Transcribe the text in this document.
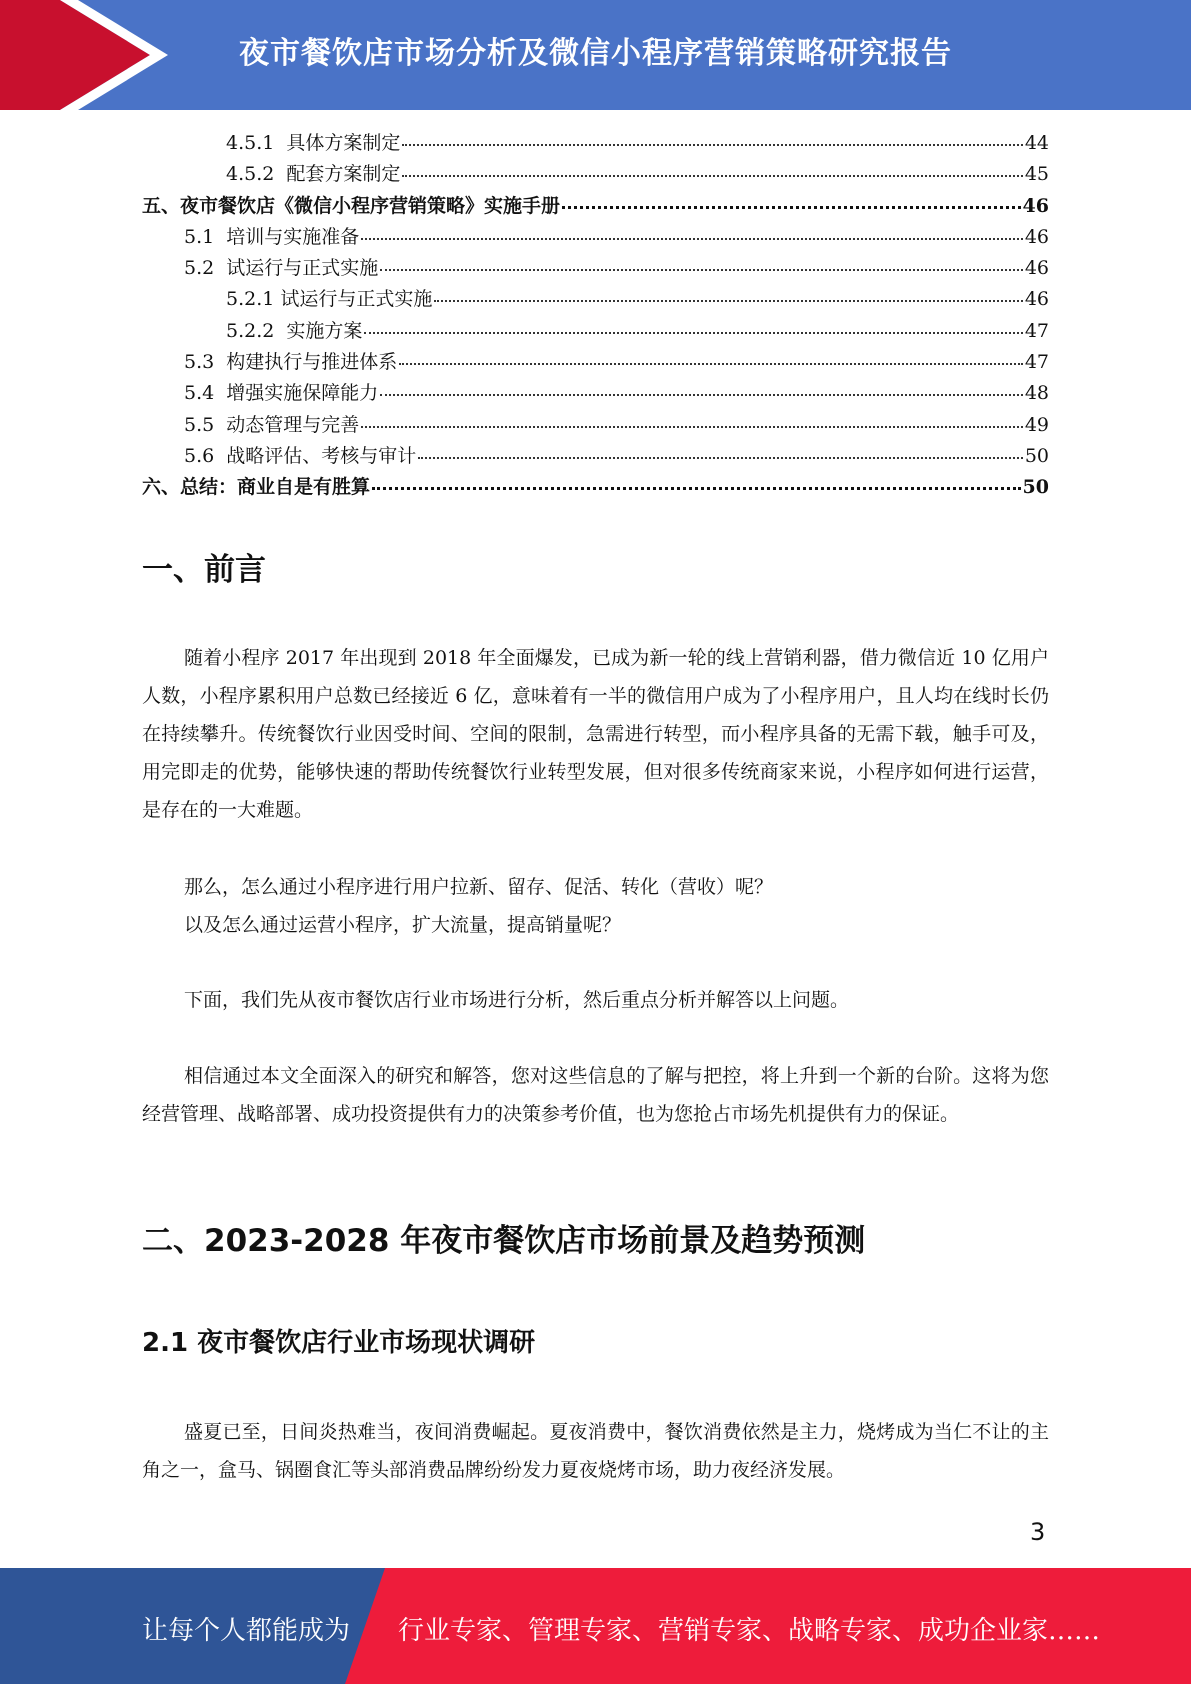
夜市餐饮店市场分析及微信小程序营销策略研究报告
4.5.1  具体方案制定	44
4.5.2  配套方案制定	45
五、夜市餐饮店《微信小程序营销策略》实施手册	46
5.1  培训与实施准备	46
5.2  试运行与正式实施	46
5.2.1 试运行与正式实施	46
5.2.2  实施方案	47
5.3  构建执行与推进体系	47
5.4  增强实施保障能力	48
5.5  动态管理与完善	49
5.6  战略评估、考核与审计	50
六、总结：商业自是有胜算	50
一、前言
随着小程序 2017 年出现到 2018 年全面爆发，已成为新一轮的线上营销利器，借力微信近 10 亿用户人数，小程序累积用户总数已经接近 6 亿，意味着有一半的微信用户成为了小程序用户，且人均在线时长仍在持续攀升。传统餐饮行业因受时间、空间的限制，急需进行转型，而小程序具备的无需下载，触手可及，用完即走的优势，能够快速的帮助传统餐饮行业转型发展，但对很多传统商家来说，小程序如何进行运营，是存在的一大难题。
那么，怎么通过小程序进行用户拉新、留存、促活、转化（营收）呢？
以及怎么通过运营小程序，扩大流量，提高销量呢？
下面，我们先从夜市餐饮店行业市场进行分析，然后重点分析并解答以上问题。
相信通过本文全面深入的研究和解答，您对这些信息的了解与把控，将上升到一个新的台阶。这将为您经营管理、战略部署、成功投资提供有力的决策参考价值，也为您抢占市场先机提供有力的保证。
二、2023-2028 年夜市餐饮店市场前景及趋势预测
2.1 夜市餐饮店行业市场现状调研
盛夏已至，日间炎热难当，夜间消费崛起。夏夜消费中，餐饮消费依然是主力，烧烤成为当仁不让的主角之一，盒马、锅圈食汇等头部消费品牌纷纷发力夏夜烧烤市场，助力夜经济发展。
3
让每个人都能成为 行业专家、管理专家、营销专家、战略专家、成功企业家……
